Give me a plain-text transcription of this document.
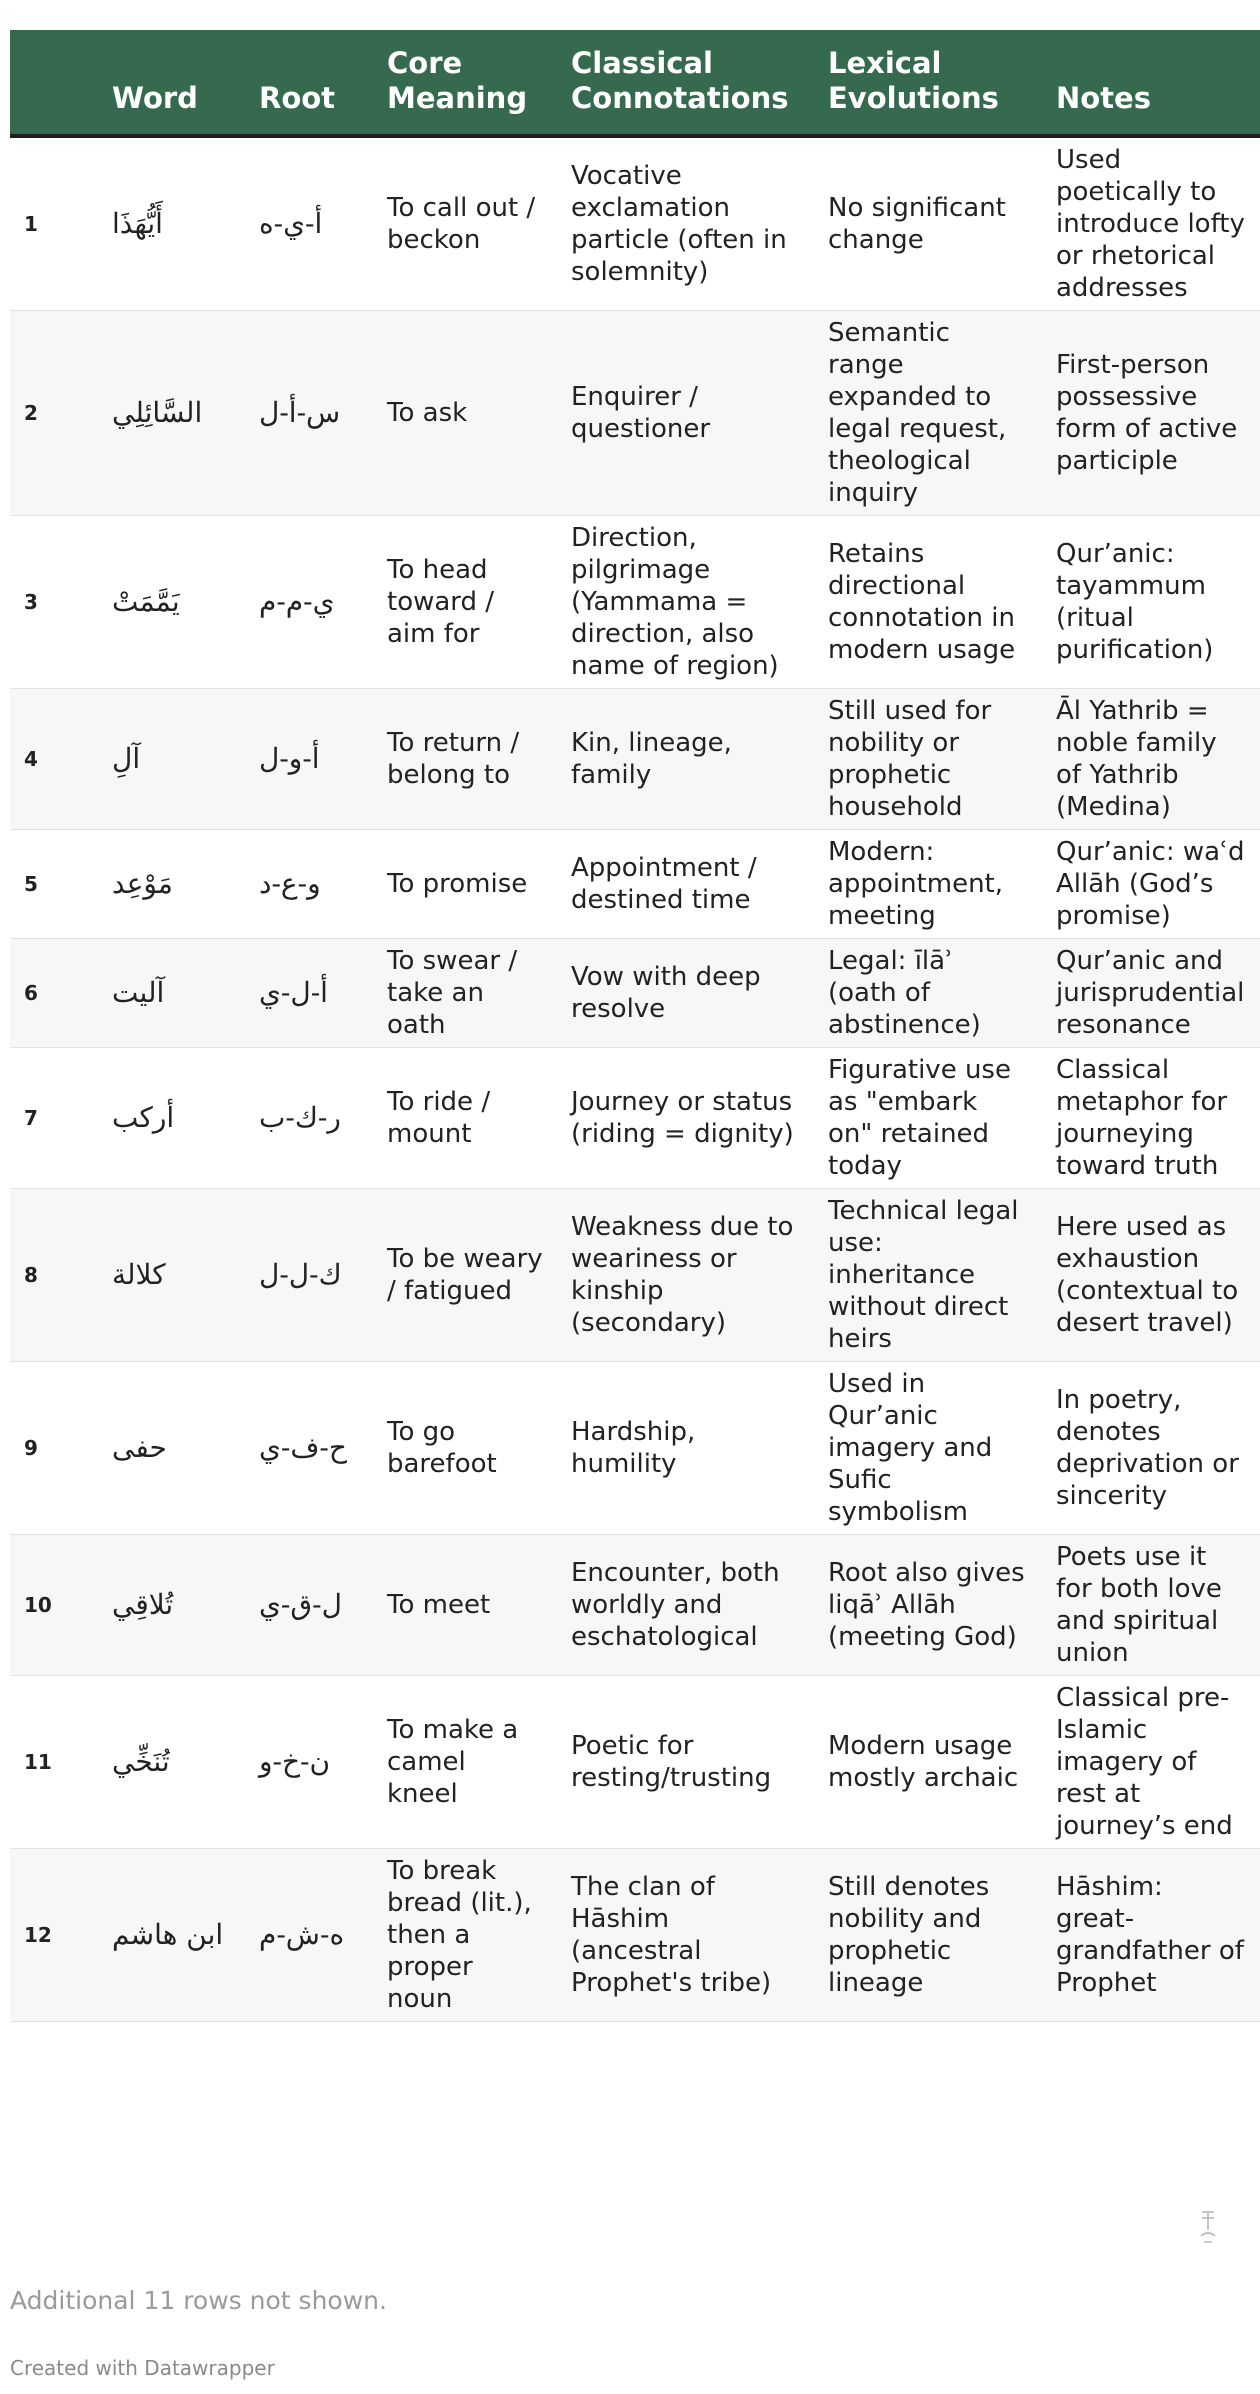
	Word	Root	Core Meaning	Classical Connotations	Lexical Evolutions	Notes
1	أَيُّهَذَا	أ-ي-ه	To call out / beckon	Vocative exclamation particle (often in solemnity)	No significant change	Used poetically to introduce lofty or rhetorical addresses
2	السَّائِلِي	س-أ-ل	To ask	Enquirer / questioner	Semantic range expanded to legal request, theological inquiry	First-person possessive form of active participle
3	يَمَّمَتْ	ي-م-م	To head toward / aim for	Direction, pilgrimage (Yammama = direction, also name of region)	Retains directional connotation in modern usage	Qur’anic: tayammum (ritual purification)
4	آلِ	أ-و-ل	To return / belong to	Kin, lineage, family	Still used for nobility or prophetic household	Āl Yathrib = noble family of Yathrib (Medina)
5	مَوْعِد	و-ع-د	To promise	Appointment / destined time	Modern: appointment, meeting	Qur’anic: waʿd Allāh (God’s promise)
6	آليت	أ-ل-ي	To swear / take an oath	Vow with deep resolve	Legal: īlāʾ (oath of abstinence)	Qur’anic and jurisprudential resonance
7	أركب	ر-ك-ب	To ride / mount	Journey or status (riding = dignity)	Figurative use as "embark on" retained today	Classical metaphor for journeying toward truth
8	كلالة	ك-ل-ل	To be weary / fatigued	Weakness due to weariness or kinship (secondary)	Technical legal use: inheritance without direct heirs	Here used as exhaustion (contextual to desert travel)
9	حفى	ح-ف-ي	To go barefoot	Hardship, humility	Used in Qur’anic imagery and Sufic symbolism	In poetry, denotes deprivation or sincerity
10	تُلاقِي	ل-ق-ي	To meet	Encounter, both worldly and eschatological	Root also gives liqāʾ Allāh (meeting God)	Poets use it for both love and spiritual union
11	تُنَخِّي	ن-خ-و	To make a camel kneel	Poetic for resting/trusting	Modern usage mostly archaic	Classical pre-Islamic imagery of rest at journey’s end
12	ابن هاشم	ه-ش-م	To break bread (lit.), then a proper noun	The clan of Hāshim (ancestral Prophet's tribe)	Still denotes nobility and prophetic lineage	Hāshim: great-grandfather of Prophet
Additional 11 rows not shown.
Created with Datawrapper
